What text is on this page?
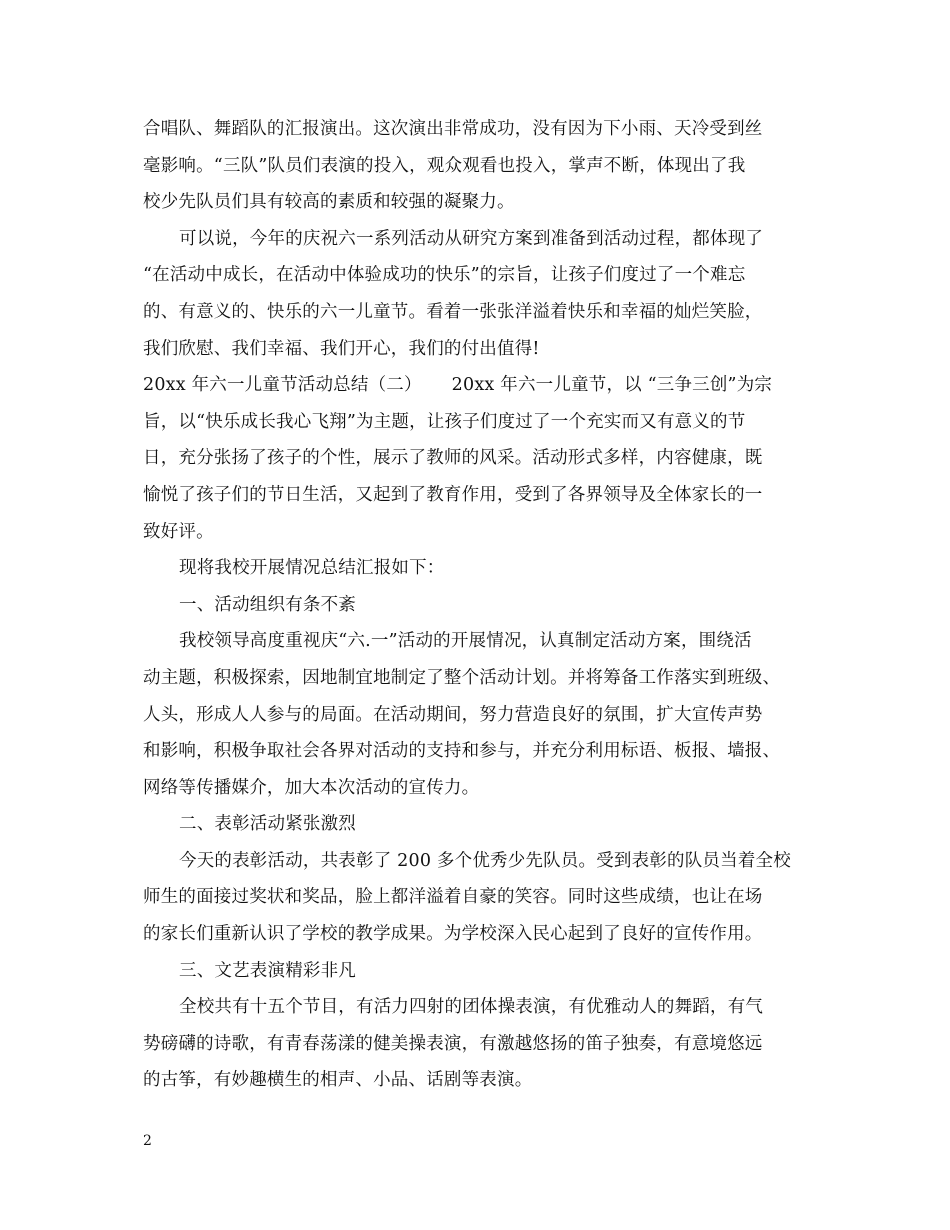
合唱队、舞蹈队的汇报演出。这次演出非常成功，没有因为下小雨、天冷受到丝
毫影响。“三队”队员们表演的投入，观众观看也投入，掌声不断，体现出了我
校少先队员们具有较高的素质和较强的凝聚力。
可以说，今年的庆祝六一系列活动从研究方案到准备到活动过程，都体现了
“在活动中成长，在活动中体验成功的快乐”的宗旨，让孩子们度过了一个难忘
的、有意义的、快乐的六一儿童节。看着一张张洋溢着快乐和幸福的灿烂笑脸，
我们欣慰、我们幸福、我们开心，我们的付出值得!
20xx 年六一儿童节活动总结（二） 20xx 年六一儿童节，以 “三争三创”为宗
旨，以“快乐成长我心飞翔”为主题，让孩子们度过了一个充实而又有意义的节
日，充分张扬了孩子的个性，展示了教师的风采。活动形式多样，内容健康，既
愉悦了孩子们的节日生活，又起到了教育作用，受到了各界领导及全体家长的一
致好评。
现将我校开展情况总结汇报如下：
一、活动组织有条不紊
我校领导高度重视庆“六.一”活动的开展情况，认真制定活动方案，围绕活
动主题，积极探索，因地制宜地制定了整个活动计划。并将筹备工作落实到班级、
人头，形成人人参与的局面。在活动期间，努力营造良好的氛围，扩大宣传声势
和影响，积极争取社会各界对活动的支持和参与，并充分利用标语、板报、墙报、
网络等传播媒介，加大本次活动的宣传力。
二、表彰活动紧张激烈
今天的表彰活动，共表彰了 200 多个优秀少先队员。受到表彰的队员当着全校
师生的面接过奖状和奖品，脸上都洋溢着自豪的笑容。同时这些成绩，也让在场
的家长们重新认识了学校的教学成果。为学校深入民心起到了良好的宣传作用。
三、文艺表演精彩非凡
全校共有十五个节目，有活力四射的团体操表演，有优雅动人的舞蹈，有气
势磅礴的诗歌，有青春荡漾的健美操表演，有激越悠扬的笛子独奏，有意境悠远
的古筝，有妙趣横生的相声、小品、话剧等表演。
2
